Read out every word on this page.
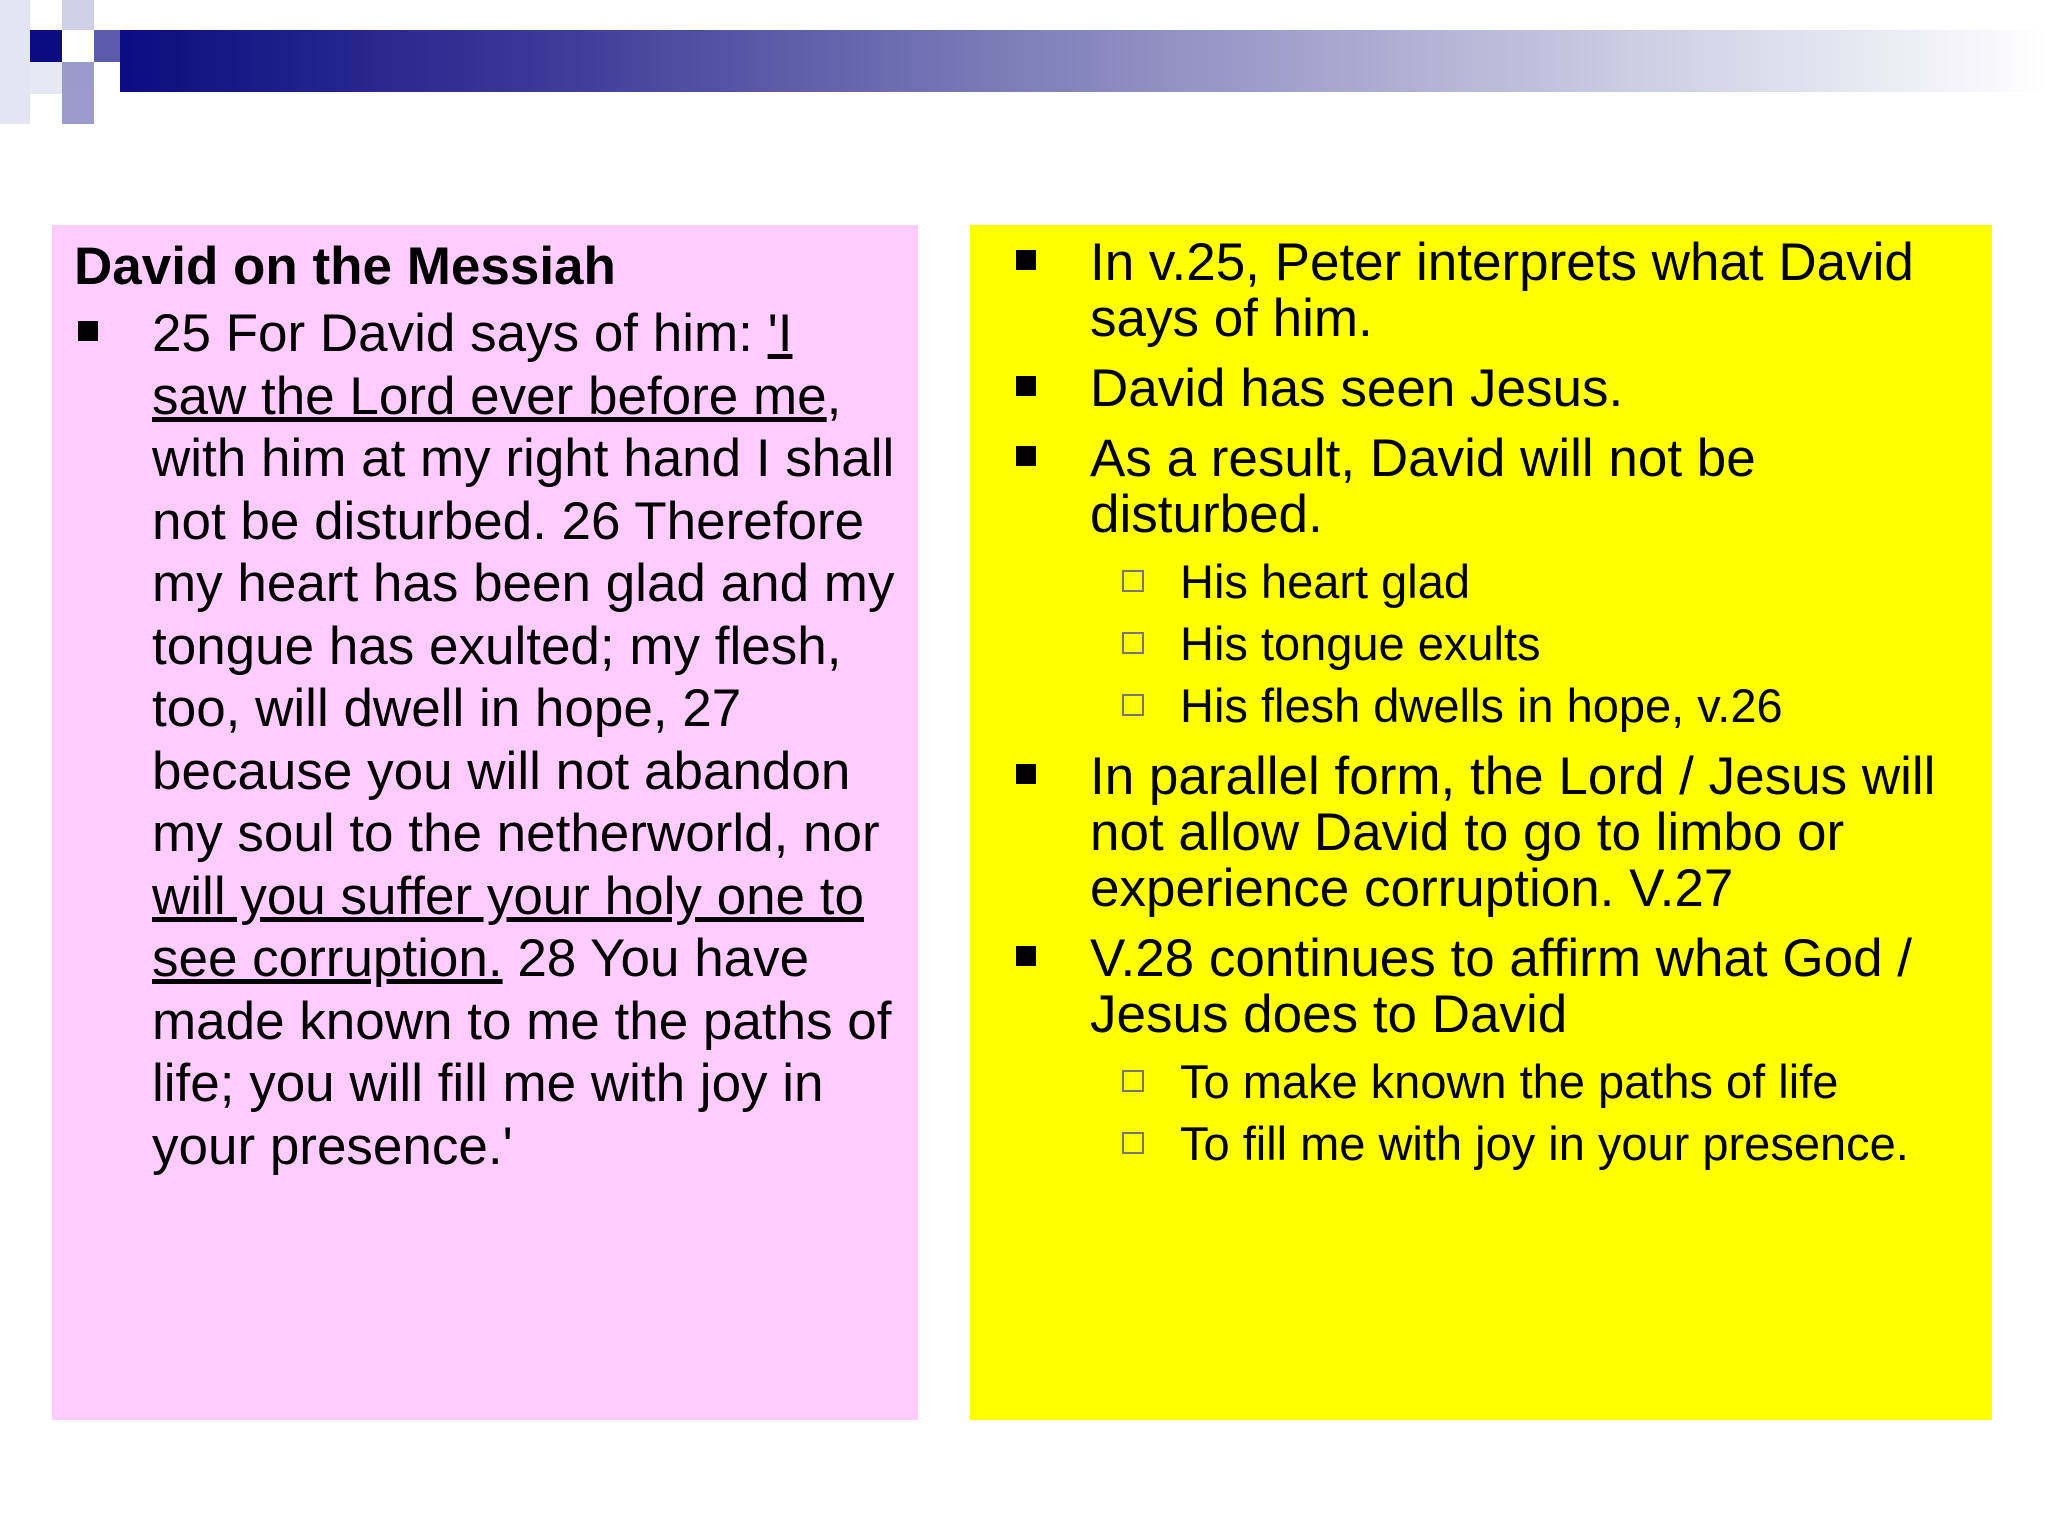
David on the Messiah
25 For David says of him: 'I saw the Lord ever before me, with him at my right hand I shall not be disturbed. 26 Therefore my heart has been glad and my tongue has exulted; my flesh, too, will dwell in hope, 27 because you will not abandon my soul to the netherworld, nor will you suffer your holy one to see corruption. 28 You have made known to me the paths of life; you will fill me with joy in your presence.'
In v.25, Peter interprets what David says of him.
David has seen Jesus.
As a result, David will not be disturbed.
His heart glad
His tongue exults
His flesh dwells in hope, v.26
In parallel form, the Lord / Jesus will not allow David to go to limbo or experience corruption. V.27
V.28 continues to affirm what God / Jesus does to David
To make known the paths of life
To fill me with joy in your presence.
